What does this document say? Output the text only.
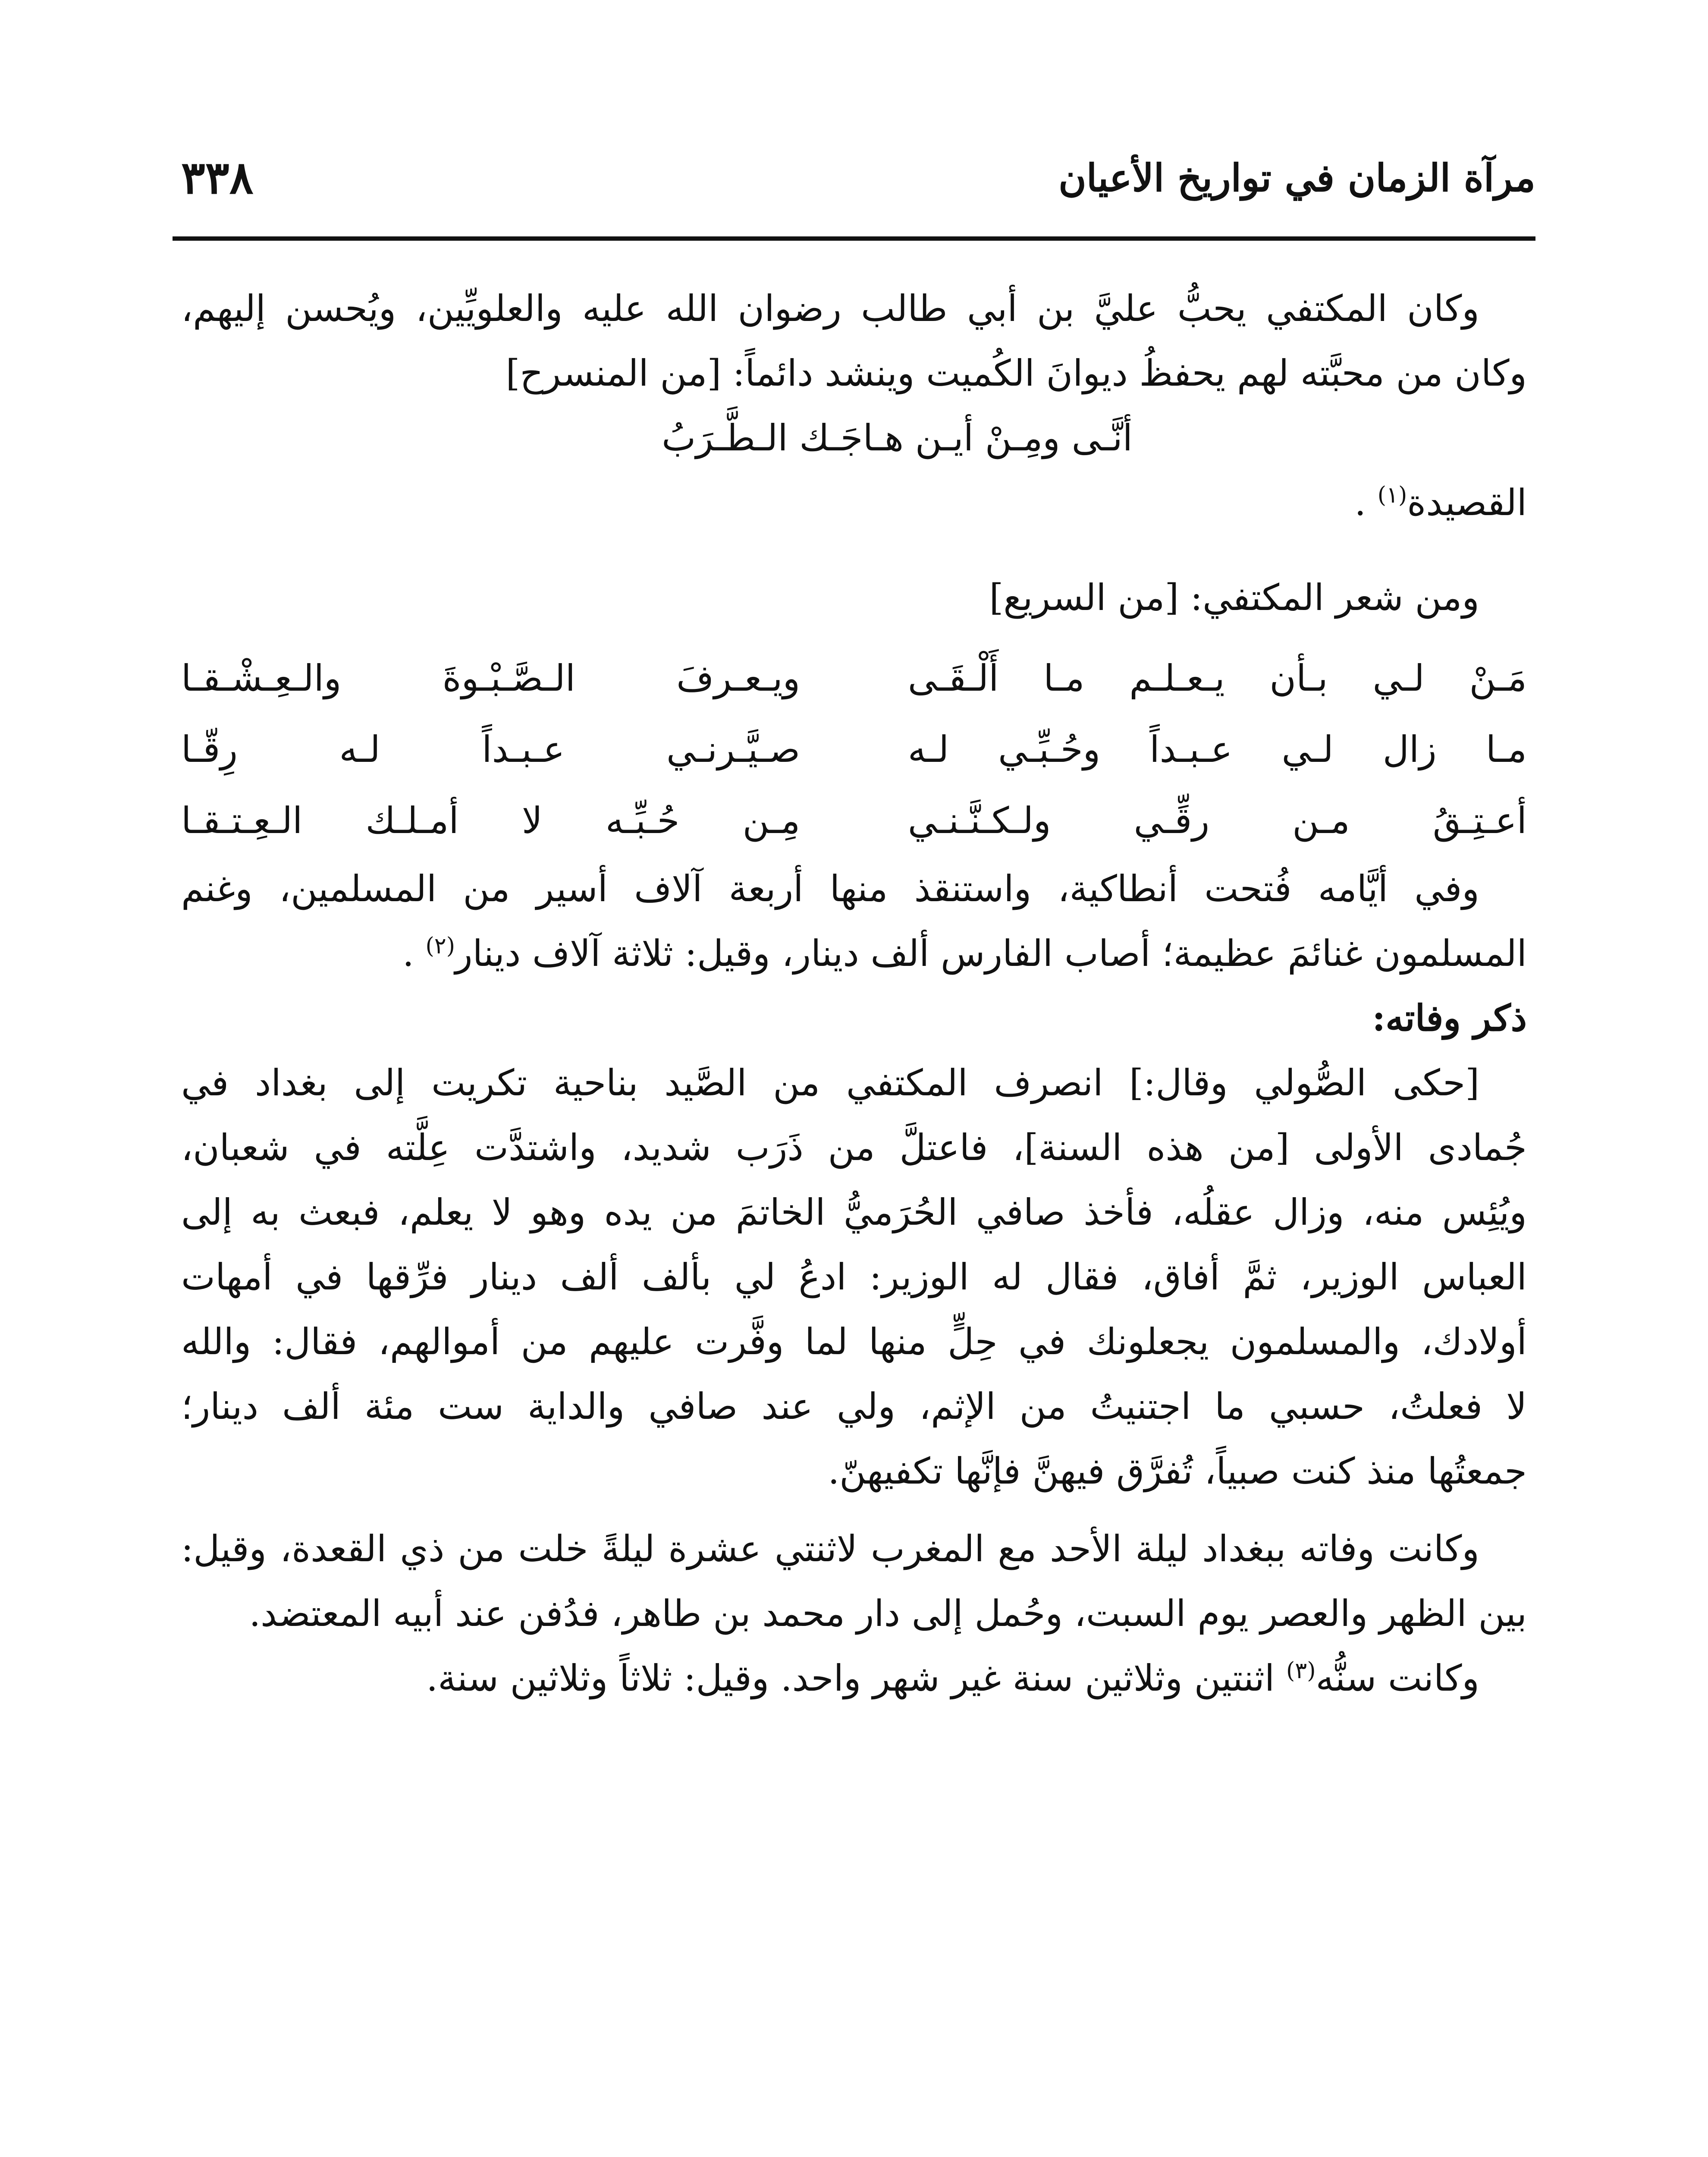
مرآة الزمان في تواريخ الأعيان
٣٣٨
وكان المكتفي يحبُّ عليَّ بن أبي طالب رضوان الله عليه والعلويِّين، ويُحسن إليهم،
وكان من محبَّته لهم يحفظُ ديوانَ الكُميت وينشد دائماً: [من المنسرح]
أنَّـى ومِـنْ أيـن هـاجَـك الـطَّـرَبُ
القصيدة$^{(١)}$ .
ومن شعر المكتفي: [من السريع]
مَـنْ لـي بـأن يـعـلـم مـا أَلْـقَـى
ويـعـرفَ الـصَّـبْـوةَ والـعِـشْـقـا
مـا زال لـي عـبـداً وحُـبِّـي لـه
صـيَّـرنـي عـبـداً لـه رِقّـا
أعـتِـقُ مـن رقِّـي ولـكـنَّـنـي
مِـن حُـبِّـه لا أمـلـك الـعِـتـقـا
وفي أيَّامه فُتحت أنطاكية، واستنقذ منها أربعة آلاف أسير من المسلمين، وغنم
المسلمون غنائمَ عظيمة؛ أصاب الفارس ألف دينار، وقيل: ثلاثة آلاف دينار$^{(٢)}$ .
ذكر وفاته:
[حكى الصُّولي وقال:] انصرف المكتفي من الصَّيد بناحية تكريت إلى بغداد في
جُمادى الأولى [من هذه السنة]، فاعتلَّ من ذَرَب شديد، واشتدَّت عِلَّته في شعبان،
ويُئِس منه، وزال عقلُه، فأخذ صافي الحُرَميُّ الخاتمَ من يده وهو لا يعلم، فبعث به إلى
العباس الوزير، ثمَّ أفاق، فقال له الوزير: ادعُ لي بألف ألف دينار فرِّقها في أمهات
أولادك، والمسلمون يجعلونك في حِلٍّ منها لما وفَّرت عليهم من أموالهم، فقال: والله
لا فعلتُ، حسبي ما اجتنيتُ من الإثم، ولي عند صافي والداية ست مئة ألف دينار؛
جمعتُها منذ كنت صبياً، تُفرَّق فيهنَّ فإنَّها تكفيهنّ.
وكانت وفاته ببغداد ليلة الأحد مع المغرب لاثنتي عشرة ليلةً خلت من ذي القعدة، وقيل:
بين الظهر والعصر يوم السبت، وحُمل إلى دار محمد بن طاهر، فدُفن عند أبيه المعتضد.
وكانت سنُّه$^{(٣)}$ اثنتين وثلاثين سنة غير شهر واحد. وقيل: ثلاثاً وثلاثين سنة.
